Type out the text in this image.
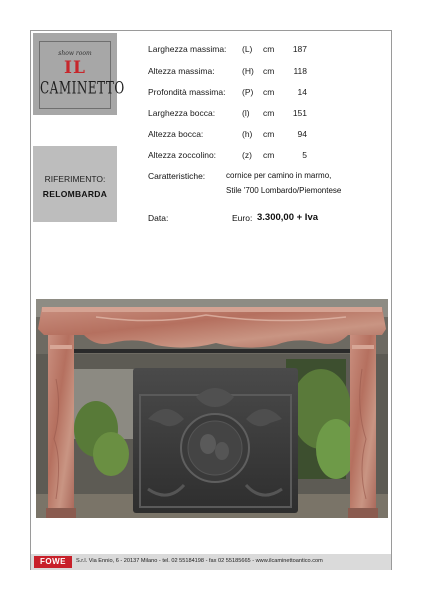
show room
IL
CAMINETTO
RIFERIMENTO:
RELOMBARDA
Larghezza massima: (L)	cm	187
Altezza massima:	(H)	cm	118
Profondità massima: (P)	cm	14
Larghezza bocca:	(l)	cm	151
Altezza bocca:	(h)	cm	94
Altezza zoccolino:	(z)	cm	5
Caratteristiche:	cornice per camino in marmo,
Stile '700 Lombardo/Piemontese
Data:	Euro: 3.300,00 + Iva
FOWE	S.r.l. Via Ennio, 6 - 20137 Milano - tel. 02 55184198 - fax 02 55185665 - www.ilcaminettoantico.com
